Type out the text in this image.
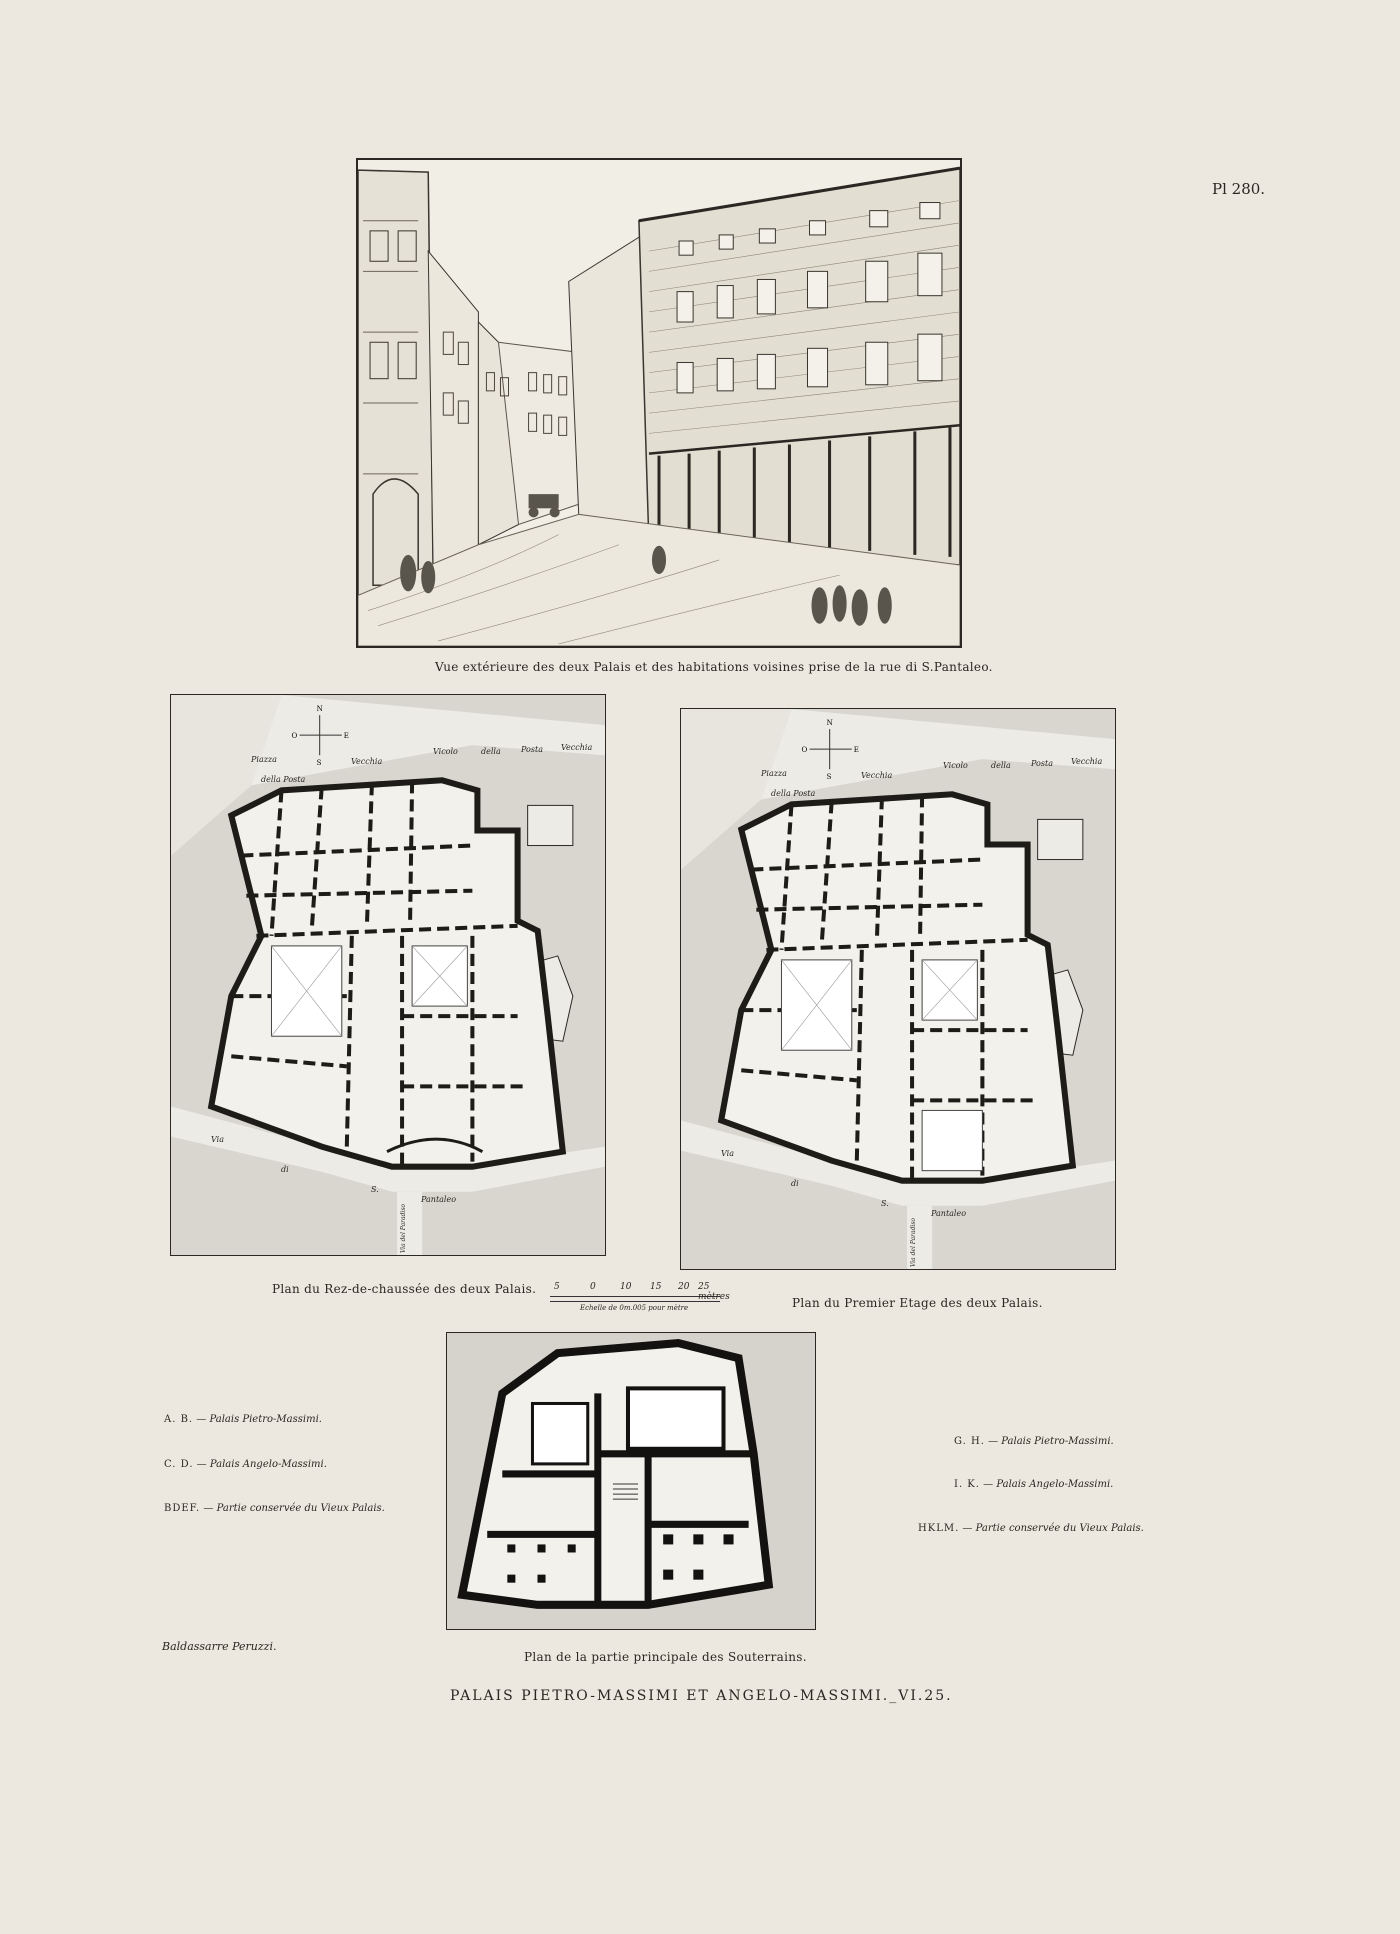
Pl 280.
Vue extérieure des deux Palais et des habitations voisines prise de la rue di S.Pantaleo.
N
O	E
S
Piazza
della Posta
Vecchia
Vicolo	della	Posta Vecchia
Via
di
S.
Pantaleo
Via del Paradiso
Plan du Rez-de-chaussée des deux Palais.
N
O	E
S
Piazza
della Posta
Vecchia
Vicolo	della	Posta Vecchia
Via
di
S.
Pantaleo
Via del Paradiso
Plan du Premier Etage des deux Palais.
5	0	10 15 20 25 mètres
Echelle de 0m.005 pour mètre
Plan de la partie principale des Souterrains.
A. B. — Palais Pietro-Massimi.
C. D. — Palais Angelo-Massimi.
BDEF. — Partie conservée du Vieux Palais.
G. H. — Palais Pietro-Massimi.
I. K. — Palais Angelo-Massimi.
HKLM. — Partie conservée du Vieux Palais.
Baldassarre Peruzzi.
PALAIS PIETRO-MASSIMI ET ANGELO-MASSIMI._VI.25.
